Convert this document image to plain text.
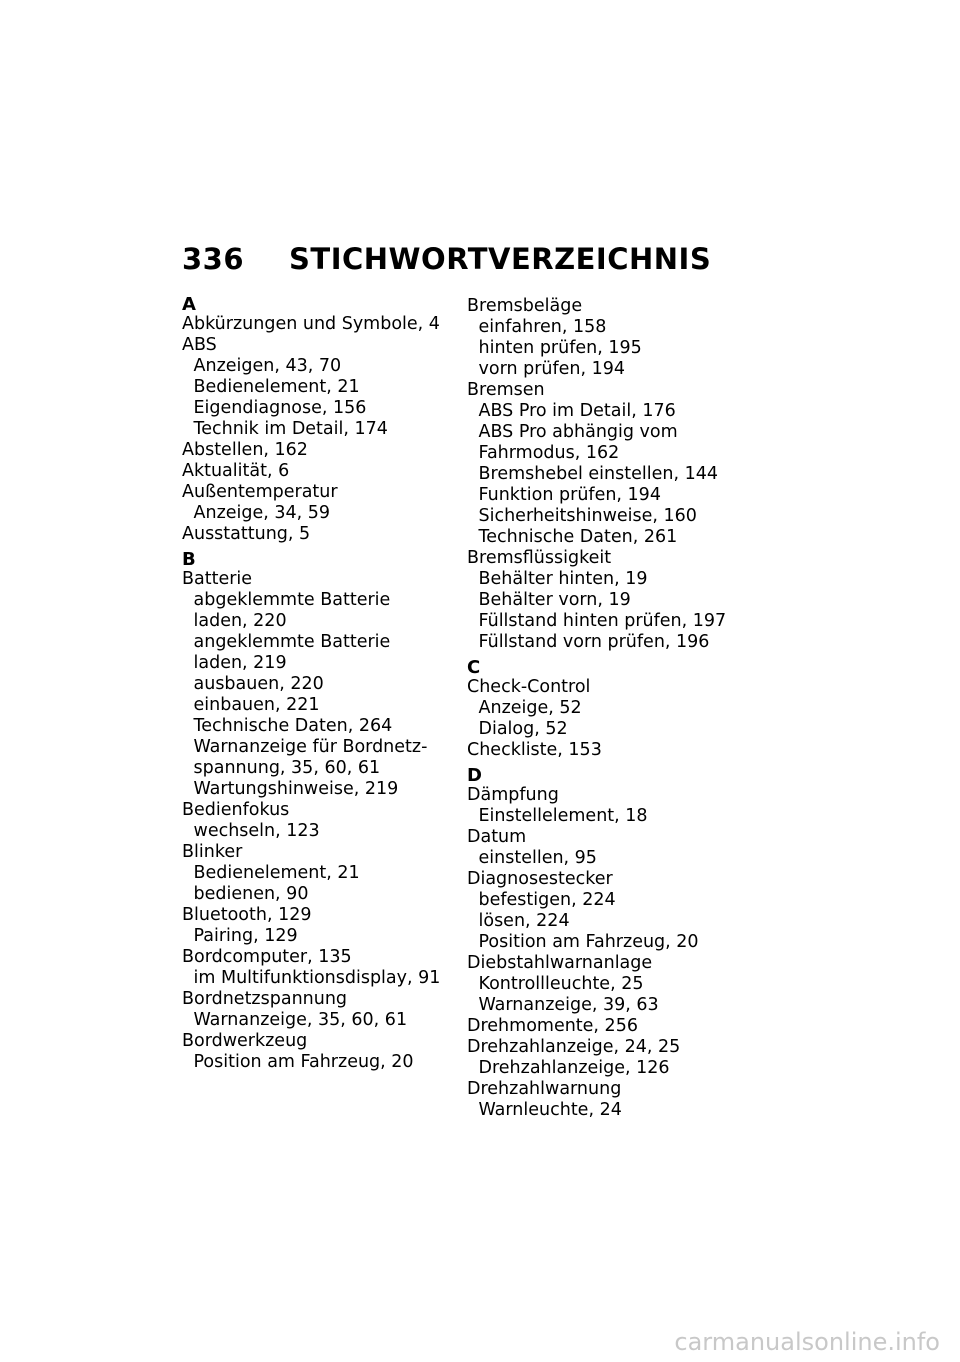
336 STICHWORTVERZEICHNIS
A
Abkürzungen und Symbole, 4
ABS
Anzeigen, 43, 70
Bedienelement, 21
Eigendiagnose, 156
Technik im Detail, 174
Abstellen, 162
Aktualität, 6
Außentemperatur
Anzeige, 34, 59
Ausstattung, 5
B
Batterie
abgeklemmte Batterie
laden, 220
angeklemmte Batterie
laden, 219
ausbauen, 220
einbauen, 221
Technische Daten, 264
Warnanzeige für Bordnetz-
spannung, 35, 60, 61
Wartungshinweise, 219
Bedienfokus
wechseln, 123
Blinker
Bedienelement, 21
bedienen, 90
Bluetooth, 129
Pairing, 129
Bordcomputer, 135
im Multifunktionsdisplay, 91
Bordnetzspannung
Warnanzeige, 35, 60, 61
Bordwerkzeug
Position am Fahrzeug, 20
Bremsbeläge
einfahren, 158
hinten prüfen, 195
vorn prüfen, 194
Bremsen
ABS Pro im Detail, 176
ABS Pro abhängig vom
Fahrmodus, 162
Bremshebel einstellen, 144
Funktion prüfen, 194
Sicherheitshinweise, 160
Technische Daten, 261
Bremsflüssigkeit
Behälter hinten, 19
Behälter vorn, 19
Füllstand hinten prüfen, 197
Füllstand vorn prüfen, 196
C
Check-Control
Anzeige, 52
Dialog, 52
Checkliste, 153
D
Dämpfung
Einstellelement, 18
Datum
einstellen, 95
Diagnosestecker
befestigen, 224
lösen, 224
Position am Fahrzeug, 20
Diebstahlwarnanlage
Kontrollleuchte, 25
Warnanzeige, 39, 63
Drehmomente, 256
Drehzahlanzeige, 24, 25
Drehzahlanzeige, 126
Drehzahlwarnung
Warnleuchte, 24
carmanualsonline.info
